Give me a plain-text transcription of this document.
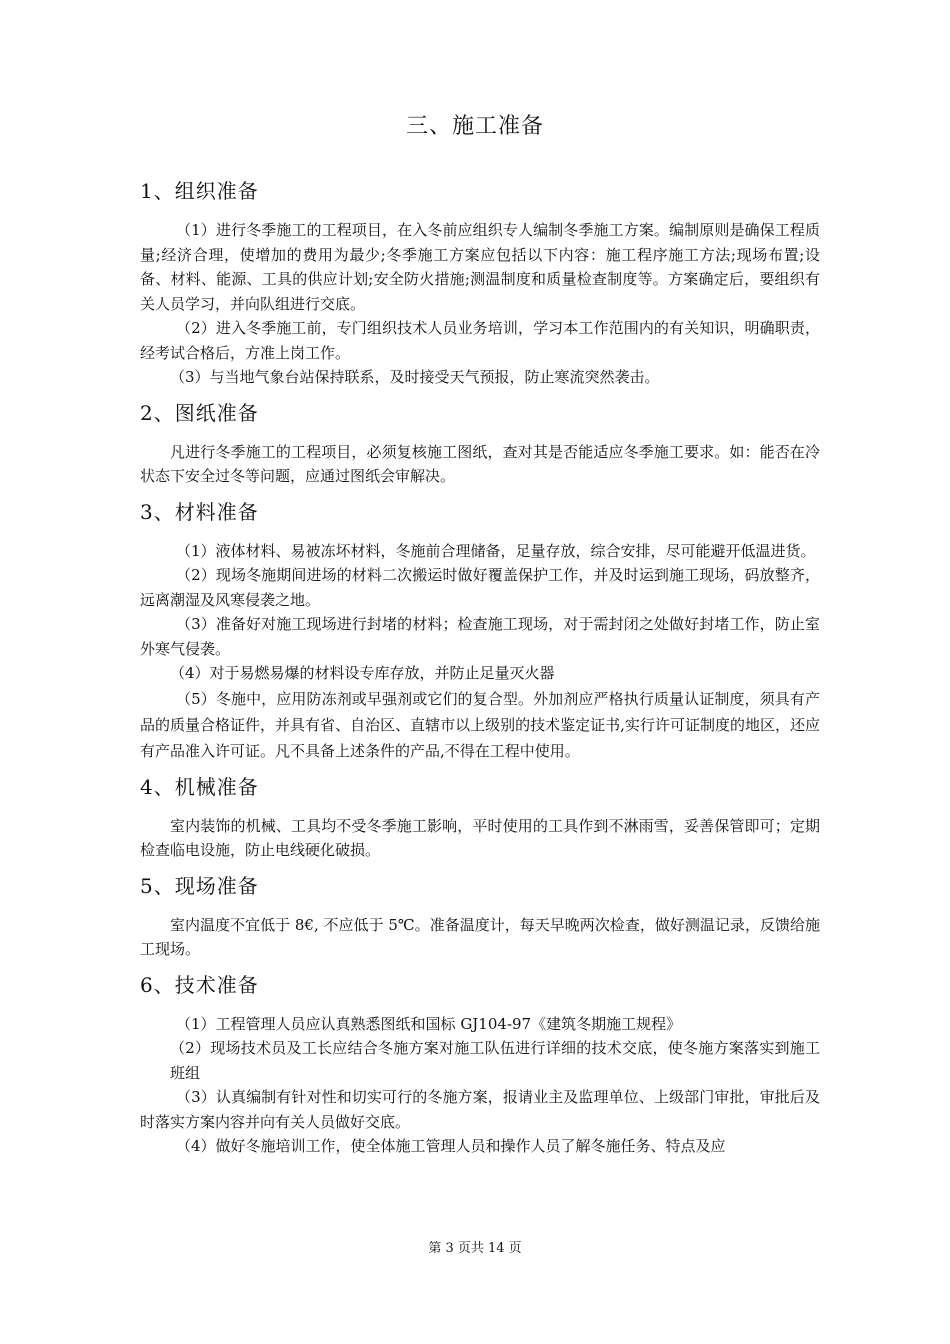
三、施工准备
1、组织准备

（1）进行冬季施工的工程项目，在入冬前应组织专人编制冬季施工方案。编制原则是确保工程质量;经济合理，使增加的费用为最少;冬季施工方案应包括以下内容：施工程序施工方法;现场布置;设备、材料、能源、工具的供应计划;安全防火措施;测温制度和质量检查制度等。方案确定后，要组织有关人员学习，并向队组进行交底。

（2）进入冬季施工前，专门组织技术人员业务培训，学习本工作范围内的有关知识，明确职责，经考试合格后，方准上岗工作。

（3）与当地气象台站保持联系，及时接受天气预报，防止寒流突然袭击。

2、图纸准备

凡进行冬季施工的工程项目，必须复核施工图纸，查对其是否能适应冬季施工要求。如：能否在冷状态下安全过冬等问题，应通过图纸会审解决。

3、材料准备

（1）液体材料、易被冻坏材料，冬施前合理储备，足量存放，综合安排，尽可能避开低温进货。

（2）现场冬施期间进场的材料二次搬运时做好覆盖保护工作，并及时运到施工现场，码放整齐，远离潮湿及风寒侵袭之地。

（3）准备好对施工现场进行封堵的材料；检查施工现场，对于需封闭之处做好封堵工作，防止室外寒气侵袭。

（4）对于易燃易爆的材料设专库存放，并防止足量灭火器

（5）冬施中，应用防冻剂或早强剂或它们的复合型。外加剂应严格执行质量认证制度，须具有产品的质量合格证件，并具有省、自治区、直辖市以上级别的技术鉴定证书,实行许可证制度的地区，还应有产品准入许可证。凡不具备上述条件的产品,不得在工程中使用。

4、机械准备

室内装饰的机械、工具均不受冬季施工影响，平时使用的工具作到不淋雨雪，妥善保管即可；定期检查临电设施，防止电线硬化破损。

5、现场准备

室内温度不宜低于 8€, 不应低于 5℃。准备温度计，每天早晚两次检查，做好测温记录，反馈给施工现场。

6、技术准备

（1）工程管理人员应认真熟悉图纸和国标 GJ104-97《建筑冬期施工规程》

（2）现场技术员及工长应结合冬施方案对施工队伍进行详细的技术交底，使冬施方案落实到施工班组

（3）认真编制有针对性和切实可行的冬施方案，报请业主及监理单位、上级部门审批，审批后及时落实方案内容并向有关人员做好交底。

（4）做好冬施培训工作，使全体施工管理人员和操作人员了解冬施任务、特点及应

第 3 页共 14 页
